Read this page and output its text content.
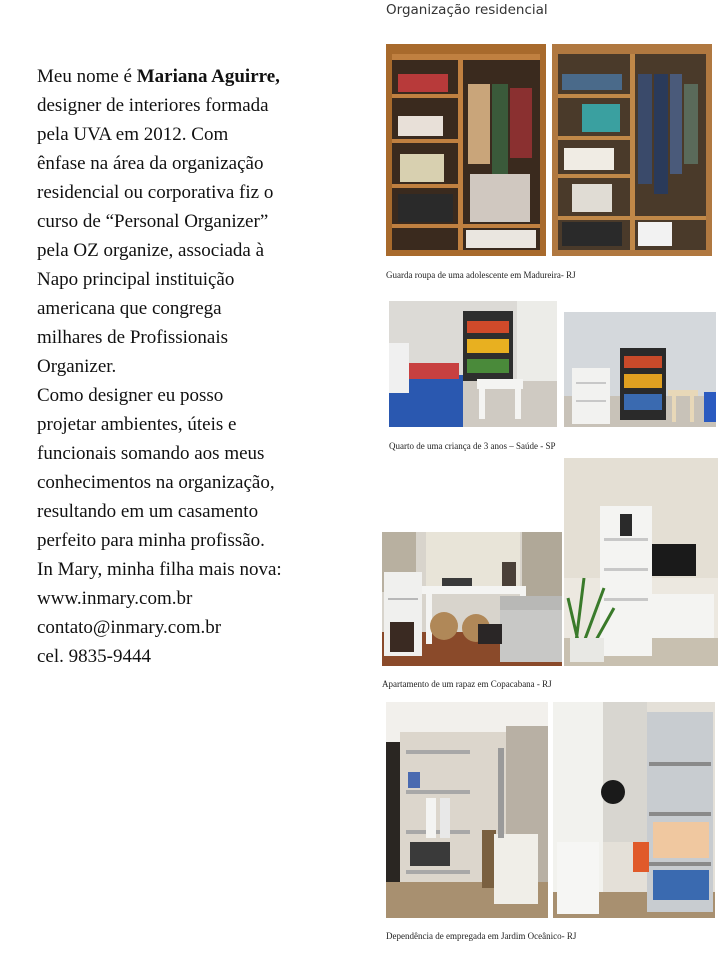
Meu nome é Mariana Aguirre,
designer de interiores formada
pela UVA em 2012. Com
ênfase na área da organização
residencial ou corporativa fiz o
curso de “Personal Organizer”
pela OZ organize, associada à
Napo principal instituição
americana que congrega
milhares de Profissionais
Organizer.
Como designer eu posso
projetar ambientes, úteis e
funcionais somando aos meus
conhecimentos na organização,
resultando em um casamento
perfeito para minha profissão.
In Mary, minha filha mais nova:
www.inmary.com.br
contato@inmary.com.br
cel. 9835-9444
Organização residencial
Guarda roupa de uma adolescente em Madureira- RJ
Quarto de uma criança de 3 anos – Saúde - SP
Apartamento de um rapaz em Copacabana - RJ
Dependência de empregada em Jardim Oceânico- RJ
